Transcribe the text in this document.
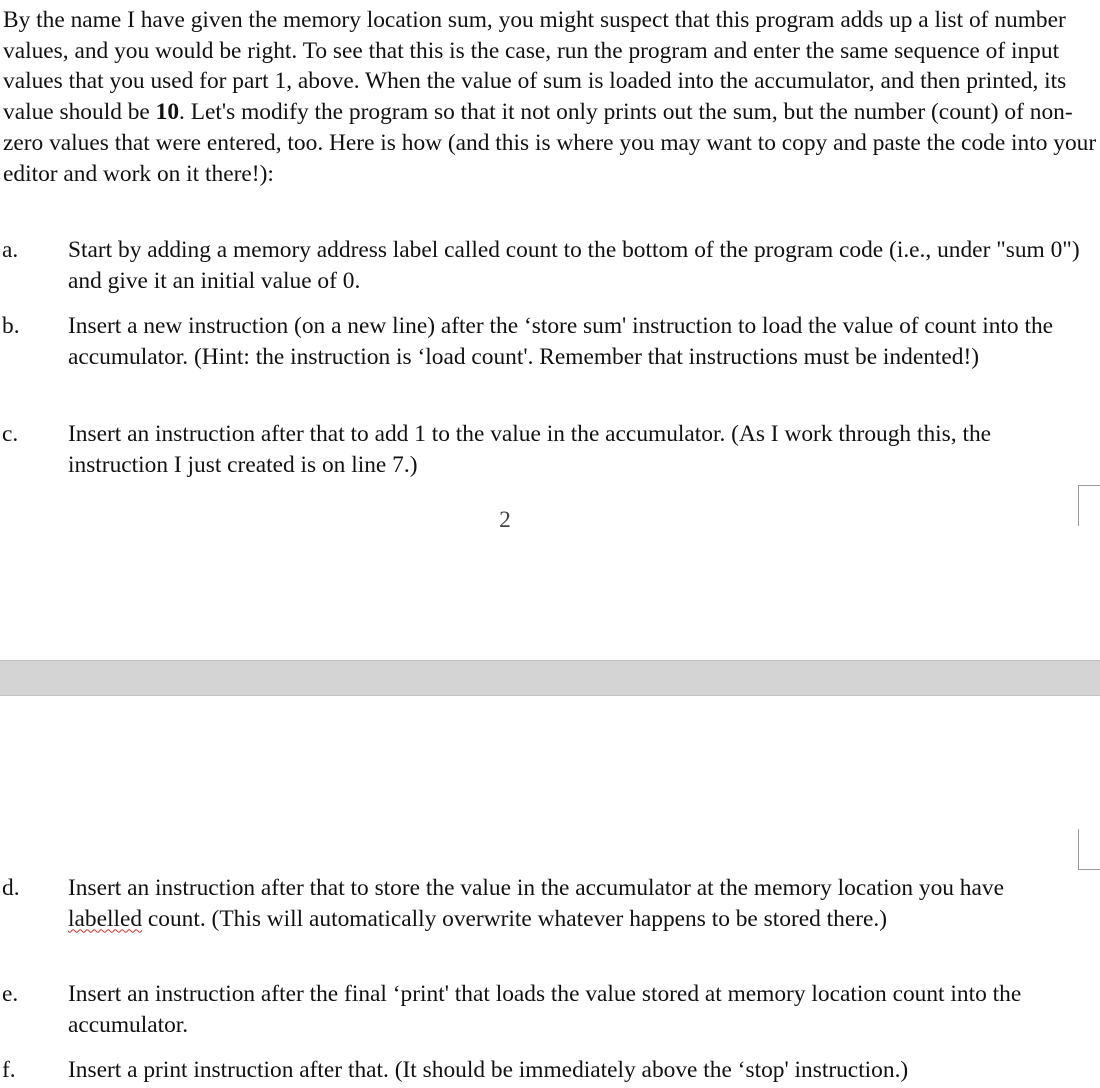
By the name I have given the memory location sum, you might suspect that this program adds up a list of number values, and you would be right. To see that this is the case, run the program and enter the same sequence of input values that you used for part 1, above. When the value of sum is loaded into the accumulator, and then printed, its value should be 10. Let's modify the program so that it not only prints out the sum, but the number (count) of non-zero values that were entered, too. Here is how (and this is where you may want to copy and paste the code into your editor and work on it there!):

a. Start by adding a memory address label called count to the bottom of the program code (i.e., under "sum 0") and give it an initial value of 0.
b. Insert a new instruction (on a new line) after the ‘store sum' instruction to load the value of count into the accumulator. (Hint: the instruction is ‘load count'. Remember that instructions must be indented!)
c. Insert an instruction after that to add 1 to the value in the accumulator. (As I work through this, the instruction I just created is on line 7.)
2
d. Insert an instruction after that to store the value in the accumulator at the memory location you have labelled count. (This will automatically overwrite whatever happens to be stored there.)
e. Insert an instruction after the final ‘print' that loads the value stored at memory location count into the accumulator.
f. Insert a print instruction after that. (It should be immediately above the ‘stop' instruction.)
